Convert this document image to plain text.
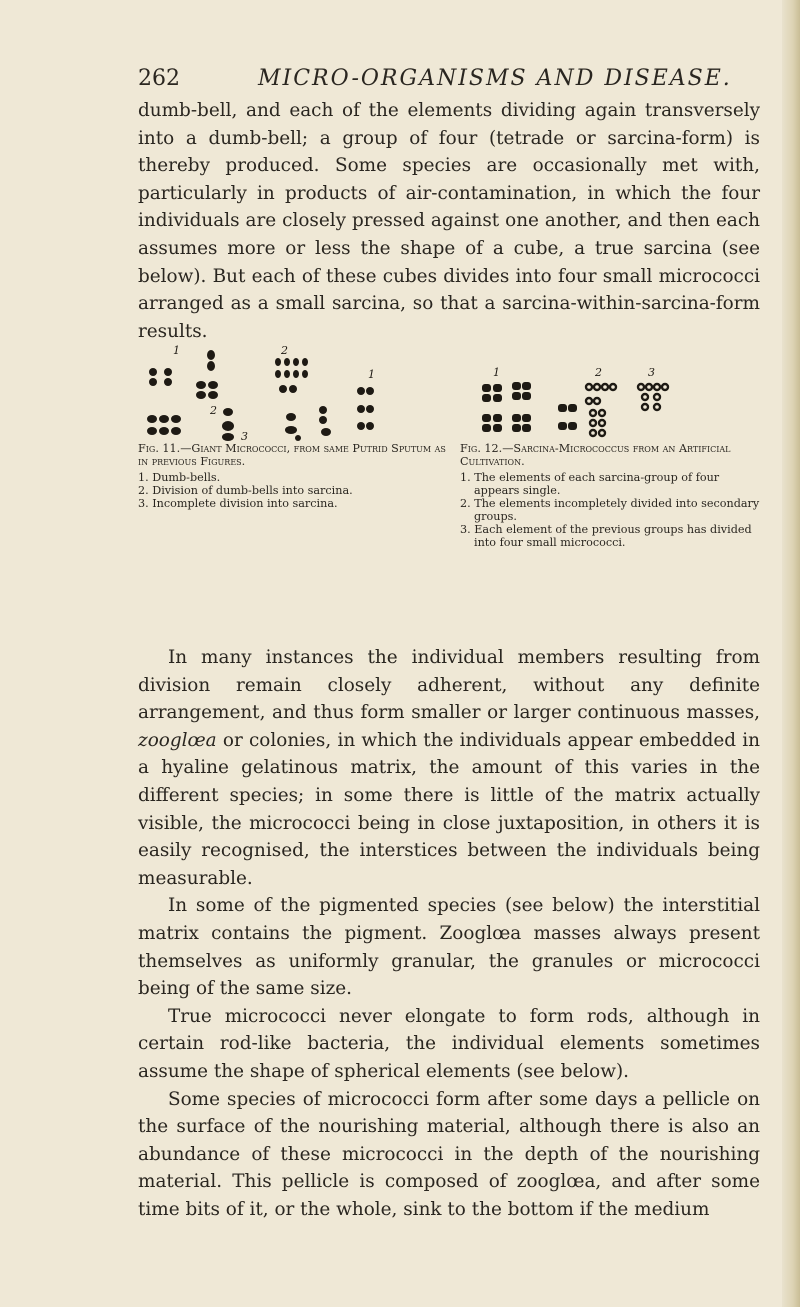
262	MICRO-ORGANISMS AND DISEASE.

dumb-bell, and each of the elements dividing again transversely into a dumb-bell; a group of four (tetrade or sarcina-form) is thereby produced. Some species are occasionally met with, particularly in products of air-contamination, in which the four individuals are closely pressed against one another, and then each assumes more or less the shape of a cube, a true sarcina (see below). But each of these cubes divides into four small micrococci arranged as a small sarcina, so that a sarcina-within-sarcina-form results.

1	2
2
3
1
Fig. 11.—Giant Micrococci, from same Putrid Sputum as in previous Figures.
1. Dumb-bells.
2. Division of dumb-bells into sarcina.
3. Incomplete division into sarcina.
1	2	3
Fig. 12.—Sarcina-Micrococcus from an Artificial Cultivation.
1. The elements of each sarcina-group of four appears single.
2. The elements incompletely divided into secondary groups.
3. Each element of the previous groups has divided into four small micrococci.

In many instances the individual members resulting from division remain closely adherent, without any definite arrangement, and thus form smaller or larger continuous masses, zooglœa or colonies, in which the individuals appear embedded in a hyaline gelatinous matrix, the amount of this varies in the different species; in some there is little of the matrix actually visible, the micrococci being in close juxtaposition, in others it is easily recognised, the interstices between the individuals being measurable.

In some of the pigmented species (see below) the interstitial matrix contains the pigment. Zooglœa masses always present themselves as uniformly granular, the granules or micrococci being of the same size.

True micrococci never elongate to form rods, although in certain rod-like bacteria, the individual elements sometimes assume the shape of spherical elements (see below).

Some species of micrococci form after some days a pellicle on the surface of the nourishing material, although there is also an abundance of these micrococci in the depth of the nourishing material. This pellicle is composed of zooglœa, and after some time bits of it, or the whole, sink to the bottom if the medium
